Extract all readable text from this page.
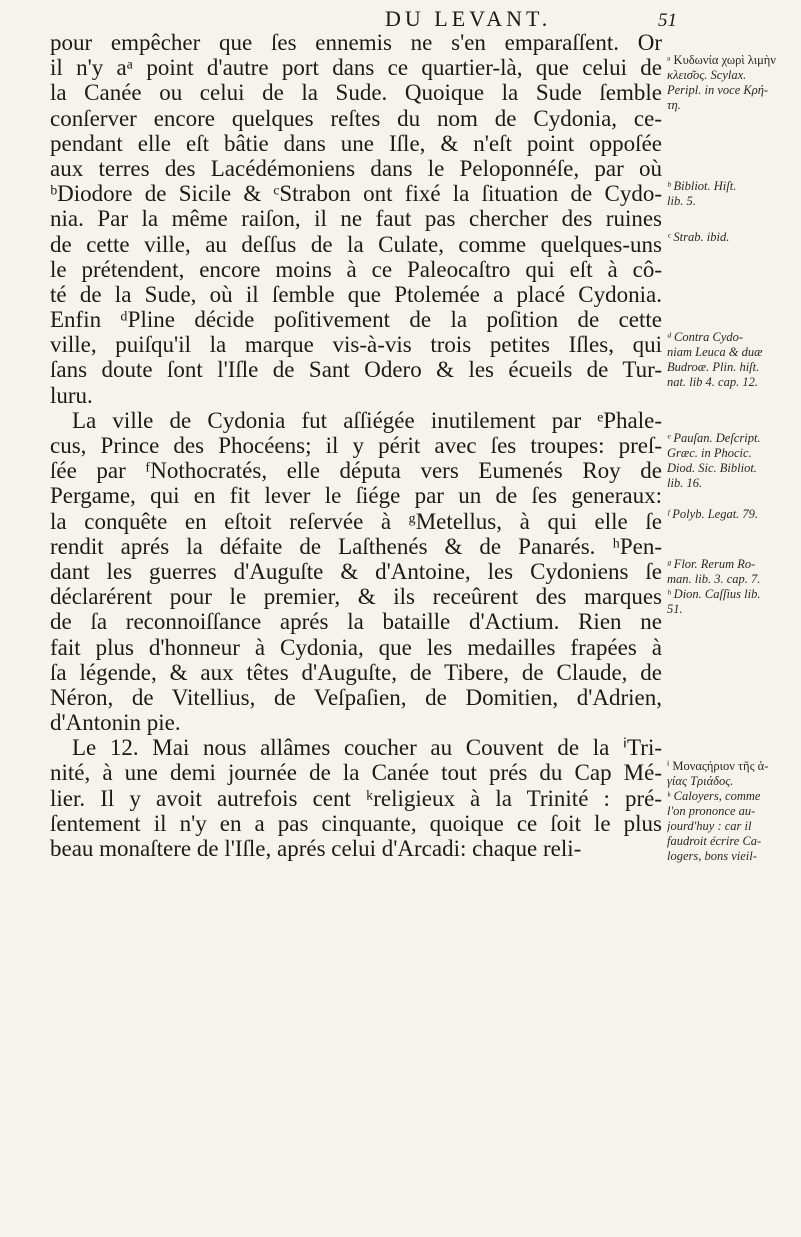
DU LEVANT.	51
pour empêcher que ſes ennemis ne s'en emparaſſent. Or
il n'y aᵃ point d'autre port dans ce quartier-là, que celui de
la Canée ou celui de la Sude. Quoique la Sude ſemble
conſerver encore quelques reſtes du nom de Cydonia, ce-
pendant elle eſt bâtie dans une Iſle, & n'eſt point oppoſée
aux terres des Lacédémoniens dans le Peloponnéſe, par où
ᵇDiodore de Sicile & ᶜStrabon ont fixé la ſituation de Cydo-
nia. Par la même raiſon, il ne faut pas chercher des ruines
de cette ville, au deſſus de la Culate, comme quelques-uns
le prétendent, encore moins à ce Paleocaſtro qui eſt à cô-
té de la Sude, où il ſemble que Ptolemée a placé Cydonia.
Enfin ᵈPline décide poſitivement de la poſition de cette
ville, puiſqu'il la marque vis-à-vis trois petites Iſles, qui
ſans doute ſont l'Iſle de Sant Odero & les écueils de Tur-
luru.
La ville de Cydonia fut aſſiégée inutilement par ᵉPhale-
cus, Prince des Phocéens; il y périt avec ſes troupes: preſ-
ſée par ᶠNothocratés, elle députa vers Eumenés Roy de
Pergame, qui en fit lever le ſiége par un de ſes generaux:
la conquête en eſtoit reſervée à ᵍMetellus, à qui elle ſe
rendit aprés la défaite de Laſthenés & de Panarés. ʰPen-
dant les guerres d'Auguſte & d'Antoine, les Cydoniens ſe
déclarérent pour le premier, & ils receûrent des marques
de ſa reconnoiſſance aprés la bataille d'Actium. Rien ne
fait plus d'honneur à Cydonia, que les medailles frapées à
ſa légende, & aux têtes d'Auguſte, de Tibere, de Claude, de
Néron, de Vitellius, de Veſpaſien, de Domitien, d'Adrien,
d'Antonin pie.
Le 12. Mai nous allâmes coucher au Couvent de la ⁱTri-
nité, à une demi journée de la Canée tout prés du Cap Mé-
lier. Il y avoit autrefois cent ᵏreligieux à la Trinité : pré-
ſentement il n'y en a pas cinquante, quoique ce ſoit le plus
beau monaſtere de l'Iſle, aprés celui d'Arcadi: chaque reli-
ᵃ Κυδωνία χωρὶ λιμὴν
κλεισ͂ος. Scylax.
Peripl. in voce Κρή-
τη.
ᵇ Bibliot. Hiſt.
lib. 5.
ᶜ Strab. ibid.
ᵈ Contra Cydo-
niam Leuca & duæ
Budroæ. Plin. hiſt.
nat. lib 4. cap. 12.
ᵉ Pauſan. Deſcript.
Græc. in Phocic.
Diod. Sic. Bibliot.
lib. 16.
ᶠ Polyb. Legat. 79.
ᵍ Flor. Rerum Ro-
man. lib. 3. cap. 7.
ʰ Dion. Caſſius lib.
51.
ⁱ Μοναςήριον τῆς ἁ-
γίας Τριάδος.
ᵏ Caloyers, comme
l'on prononce au-
jourd'huy : car il
faudroit écrire Ca-
logers, bons vieil-
